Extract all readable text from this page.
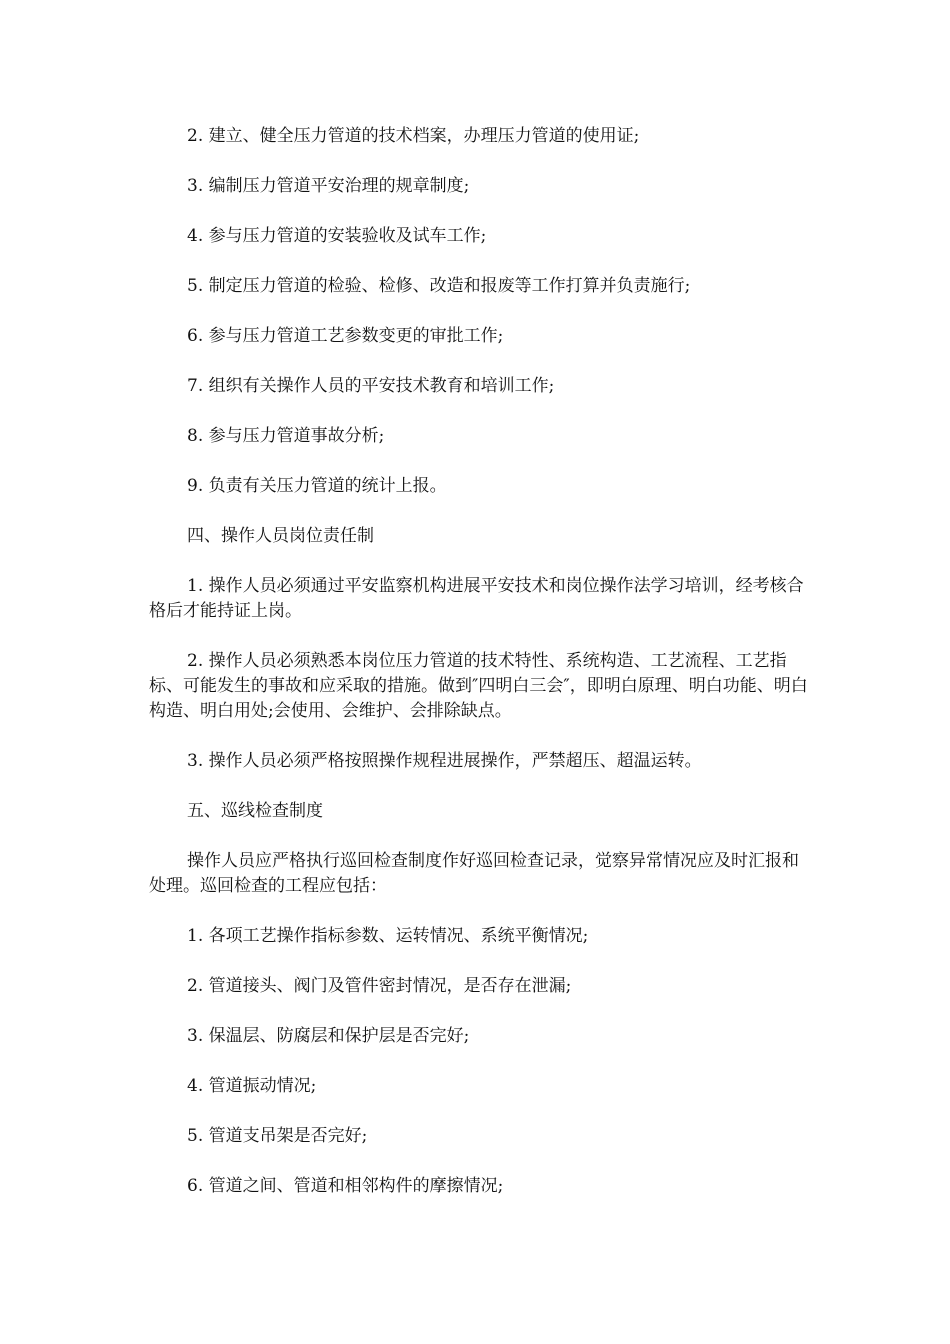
2. 建立、健全压力管道的技术档案，办理压力管道的使用证;

3. 编制压力管道平安治理的规章制度;

4. 参与压力管道的安装验收及试车工作;

5. 制定压力管道的检验、检修、改造和报废等工作打算并负责施行;

6. 参与压力管道工艺参数变更的审批工作;

7. 组织有关操作人员的平安技术教育和培训工作;

8. 参与压力管道事故分析;

9. 负责有关压力管道的统计上报。

四、操作人员岗位责任制

1. 操作人员必须通过平安监察机构进展平安技术和岗位操作法学习培训，经考核合格后才能持证上岗。

2. 操作人员必须熟悉本岗位压力管道的技术特性、系统构造、工艺流程、工艺指标、可能发生的事故和应采取的措施。做到″四明白三会″，即明白原理、明白功能、明白构造、明白用处;会使用、会维护、会排除缺点。

3. 操作人员必须严格按照操作规程进展操作，严禁超压、超温运转。

五、巡线检查制度

操作人员应严格执行巡回检查制度作好巡回检查记录，觉察异常情况应及时汇报和处理。巡回检查的工程应包括：

1. 各项工艺操作指标参数、运转情况、系统平衡情况;

2. 管道接头、阀门及管件密封情况，是否存在泄漏;

3. 保温层、防腐层和保护层是否完好;

4. 管道振动情况;

5. 管道支吊架是否完好;

6. 管道之间、管道和相邻构件的摩擦情况;
